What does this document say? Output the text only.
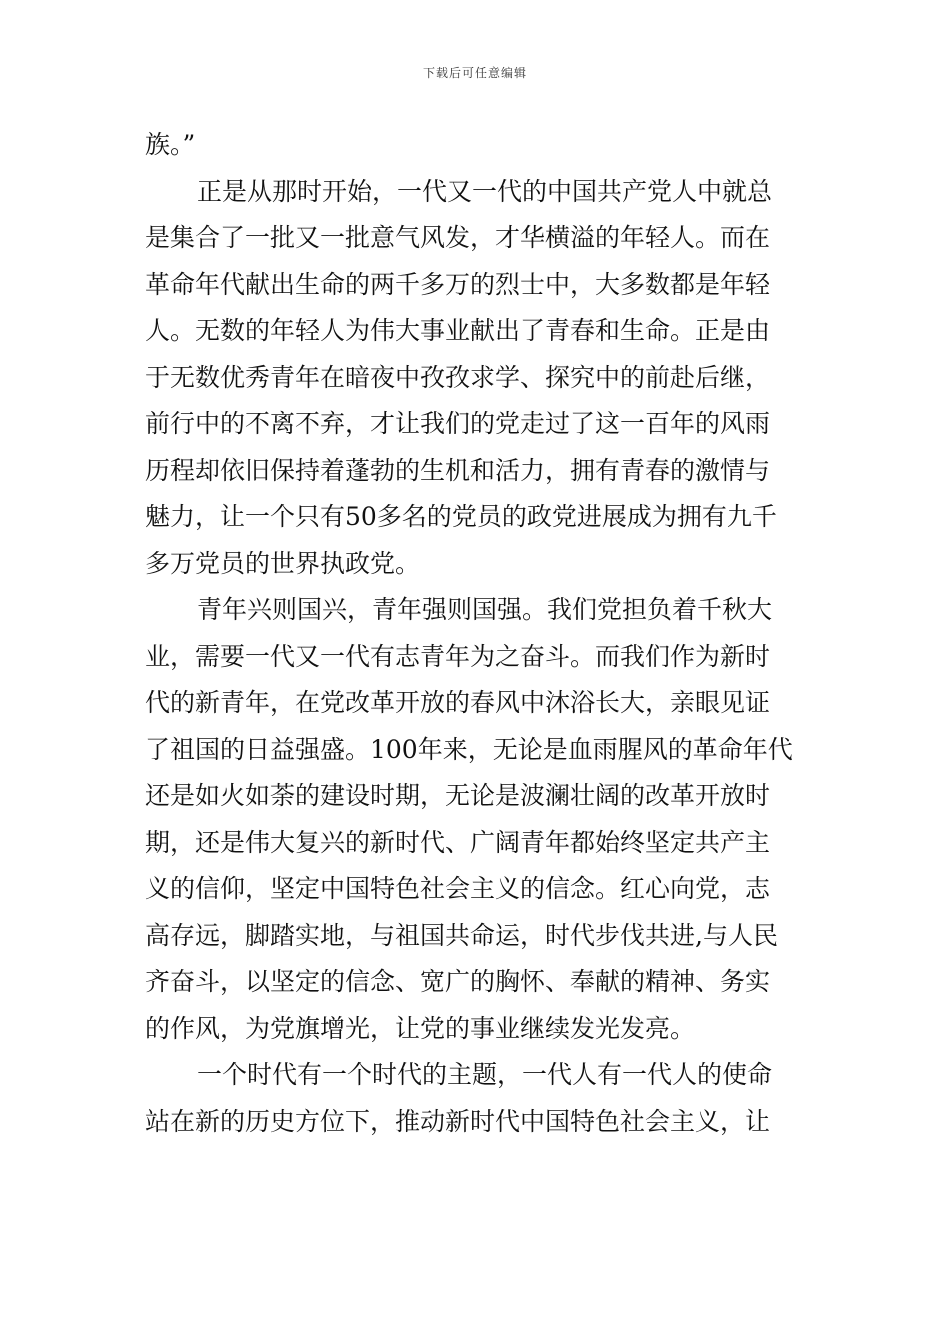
下载后可任意编辑
族。”
正是从那时开始，一代又一代的中国共产党人中就总
是集合了一批又一批意气风发，才华横溢的年轻人。而在
革命年代献出生命的两千多万的烈士中，大多数都是年轻
人。无数的年轻人为伟大事业献出了青春和生命。正是由
于无数优秀青年在暗夜中孜孜求学、探究中的前赴后继，
前行中的不离不弃，才让我们的党走过了这一百年的风雨
历程却依旧保持着蓬勃的生机和活力，拥有青春的激情与
魅力，让一个只有50多名的党员的政党进展成为拥有九千
多万党员的世界执政党。
青年兴则国兴，青年强则国强。我们党担负着千秋大
业，需要一代又一代有志青年为之奋斗。而我们作为新时
代的新青年，在党改革开放的春风中沐浴长大，亲眼见证
了祖国的日益强盛。100年来，无论是血雨腥风的革命年代
还是如火如荼的建设时期，无论是波澜壮阔的改革开放时
期，还是伟大复兴的新时代、广阔青年都始终坚定共产主
义的信仰，坚定中国特色社会主义的信念。红心向党，志
高存远，脚踏实地，与祖国共命运，时代步伐共进,与人民
齐奋斗，以坚定的信念、宽广的胸怀、奉献的精神、务实
的作风，为党旗增光，让党的事业继续发光发亮。
一个时代有一个时代的主题，一代人有一代人的使命
站在新的历史方位下，推动新时代中国特色社会主义，让
